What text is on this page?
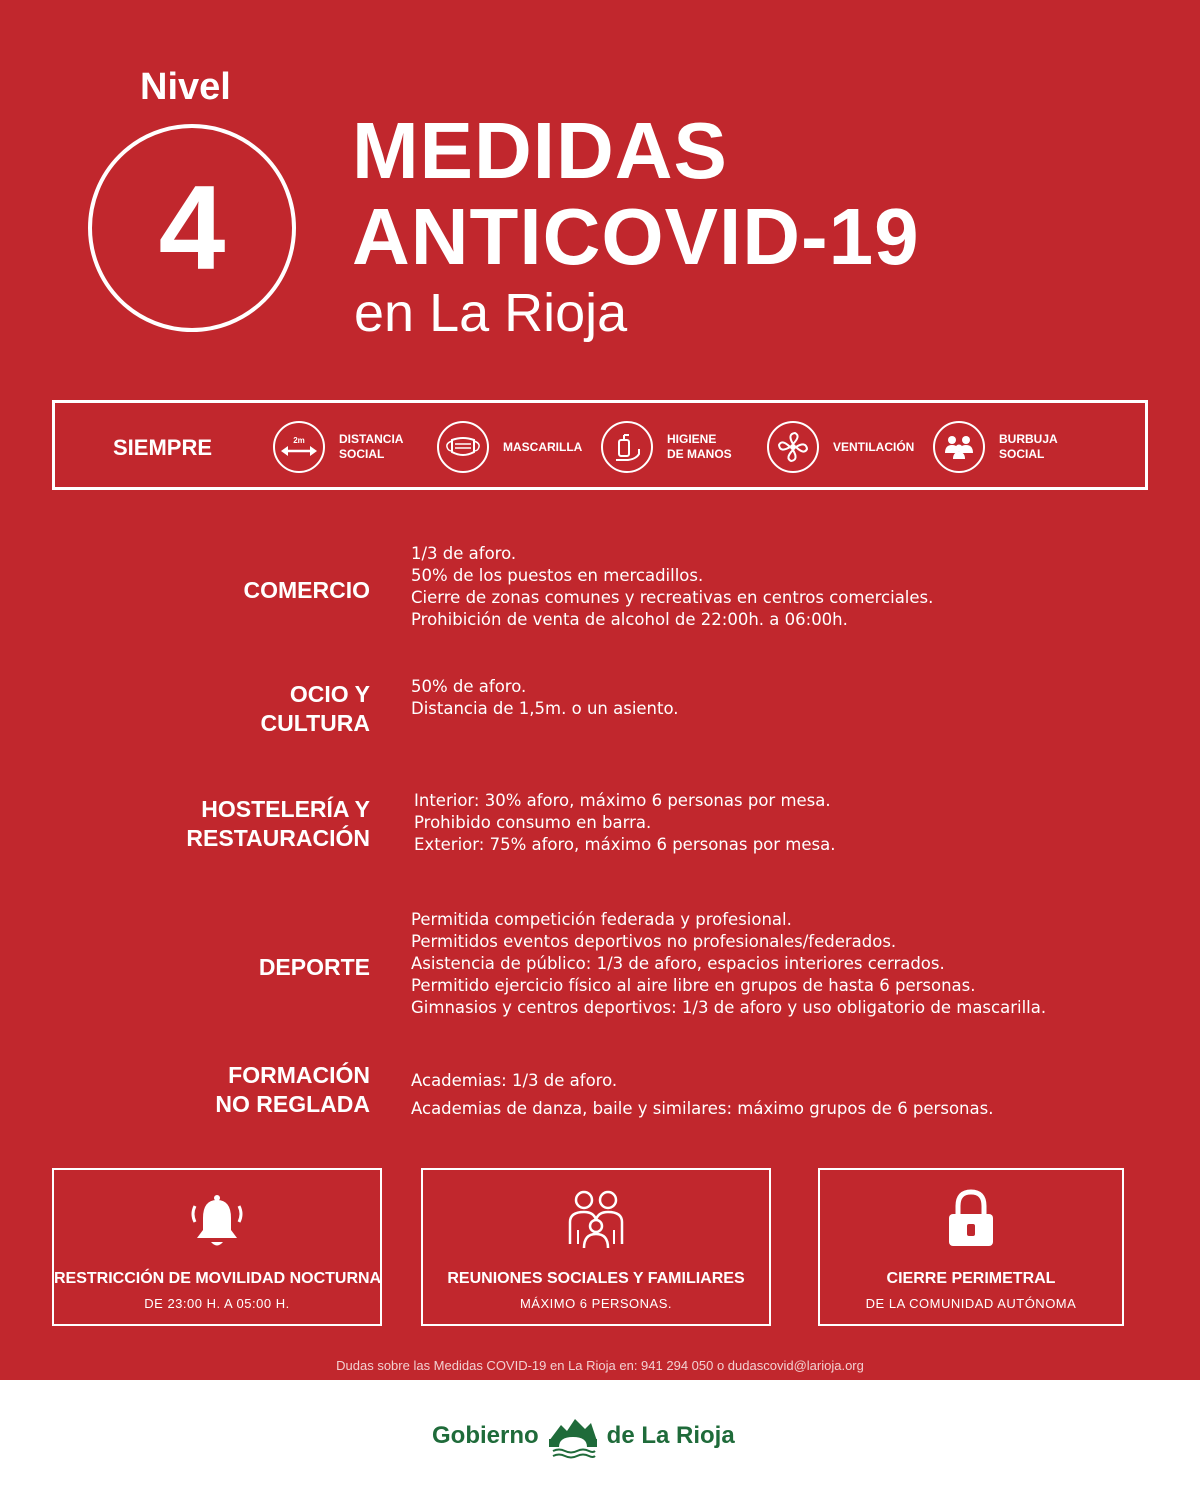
Nivel
4
MEDIDAS
ANTICOVID-19
en La Rioja
SIEMPRE	2m	DISTANCIA
SOCIAL
MASCARILLA
HIGIENE
DE MANOS
VENTILACIÓN
BURBUJA
SOCIAL
COMERCIO
1/3 de aforo.
50% de los puestos en mercadillos.
Cierre de zonas comunes y recreativas en centros comerciales.
Prohibición de venta de alcohol de 22:00h. a 06:00h.
OCIO Y
CULTURA
50% de aforo.
Distancia de 1,5m. o un asiento.
HOSTELERÍA Y
RESTAURACIÓN
Interior: 30% aforo, máximo 6 personas por mesa.
Prohibido consumo en barra.
Exterior: 75% aforo, máximo 6 personas por mesa.
DEPORTE
Permitida competición federada y profesional.
Permitidos eventos deportivos no profesionales/federados.
Asistencia de público: 1/3 de aforo, espacios interiores cerrados.
Permitido ejercicio físico al aire libre en grupos de hasta 6 personas.
Gimnasios y centros deportivos: 1/3 de aforo y uso obligatorio de mascarilla.
FORMACIÓN
NO REGLADA
Academias: 1/3 de aforo.
Academias de danza, baile y similares: máximo grupos de 6 personas.
RESTRICCIÓN DE MOVILIDAD NOCTURNA
DE 23:00 H. A 05:00 H.
REUNIONES SOCIALES Y FAMILIARES
MÁXIMO 6 PERSONAS.
CIERRE PERIMETRAL
DE LA COMUNIDAD AUTÓNOMA
Dudas sobre las Medidas COVID-19 en La Rioja en: 941 294 050 o dudascovid@larioja.org
Gobierno	de La Rioja
